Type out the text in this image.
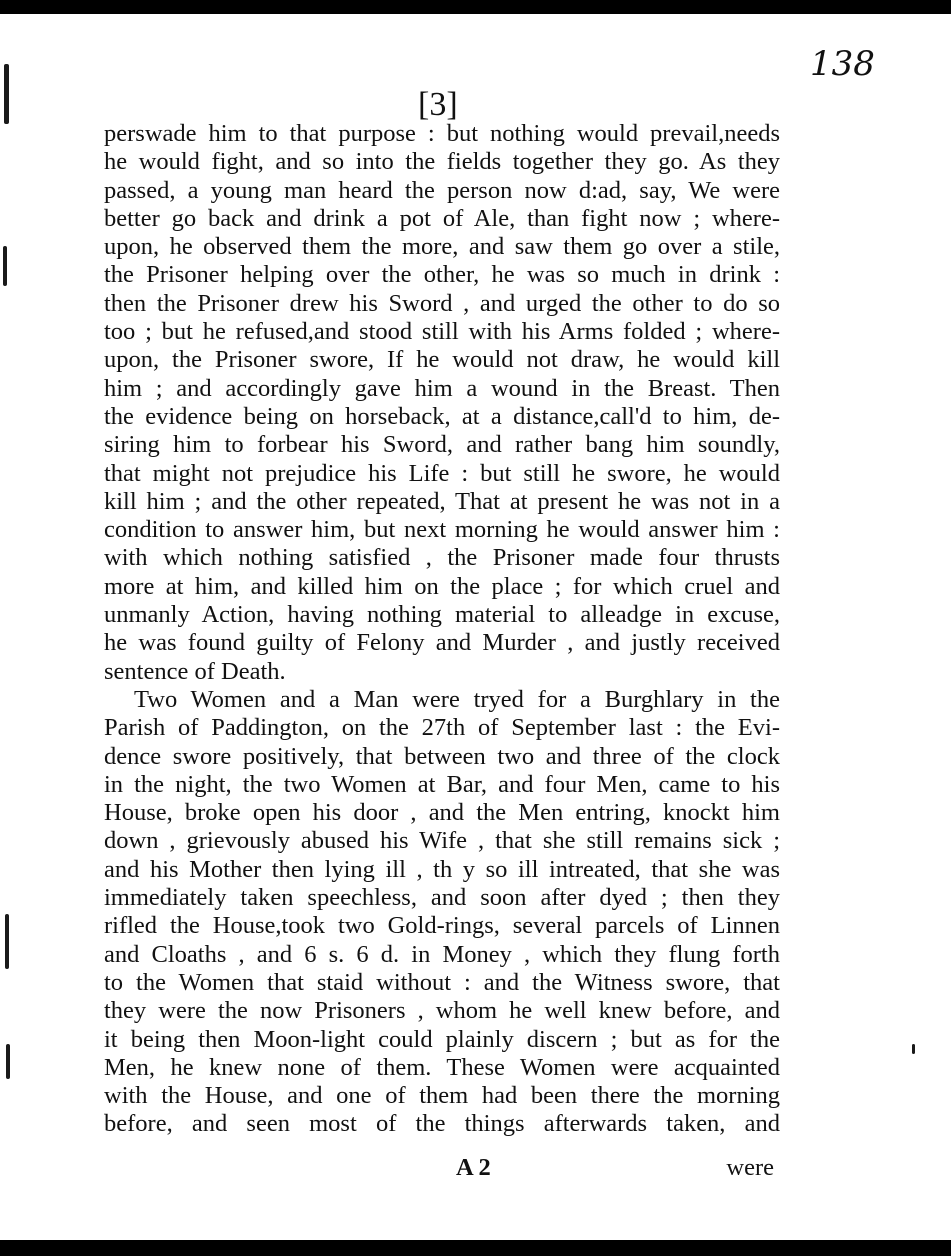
138
[3]
perswade him to that purpose : but nothing would prevail,needs
he would fight, and so into the fields together they go. As they
passed, a young man heard the person now d:ad, say, We were
better go back and drink a pot of Ale, than fight now ; where-
upon, he observed them the more, and saw them go over a stile,
the Prisoner helping over the other, he was so much in drink :
then the Prisoner drew his Sword , and urged the other to do so
too ; but he refused,and stood still with his Arms folded ; where-
upon, the Prisoner swore, If he would not draw, he would kill
him ; and accordingly gave him a wound in the Breast. Then
the evidence being on horseback, at a distance,call'd to him, de-
siring him to forbear his Sword, and rather bang him soundly,
that might not prejudice his Life : but still he swore, he would
kill him ; and the other repeated, That at present he was not in a
condition to answer him, but next morning he would answer him :
with which nothing satisfied , the Prisoner made four thrusts
more at him, and killed him on the place ; for which cruel and
unmanly Action, having nothing material to alleadge in excuse,
he was found guilty of Felony and Murder , and justly received
sentence of Death.
Two Women and a Man were tryed for a Burghlary in the
Parish of Paddington, on the 27th of September last : the Evi-
dence swore positively, that between two and three of the clock
in the night, the two Women at Bar, and four Men, came to his
House, broke open his door , and the Men entring, knockt him
down , grievously abused his Wife , that she still remains sick ;
and his Mother then lying ill , th y so ill intreated, that she was
immediately taken speechless, and soon after dyed ; then they
rifled the House,took two Gold-rings, several parcels of Linnen
and Cloaths , and 6 s. 6 d. in Money , which they flung forth
to the Women that staid without : and the Witness swore, that
they were the now Prisoners , whom he well knew before, and
it being then Moon-light could plainly discern ; but as for the
Men, he knew none of them. These Women were acquainted
with the House, and one of them had been there the morning
before, and seen most of the things afterwards taken, and
A 2	were
